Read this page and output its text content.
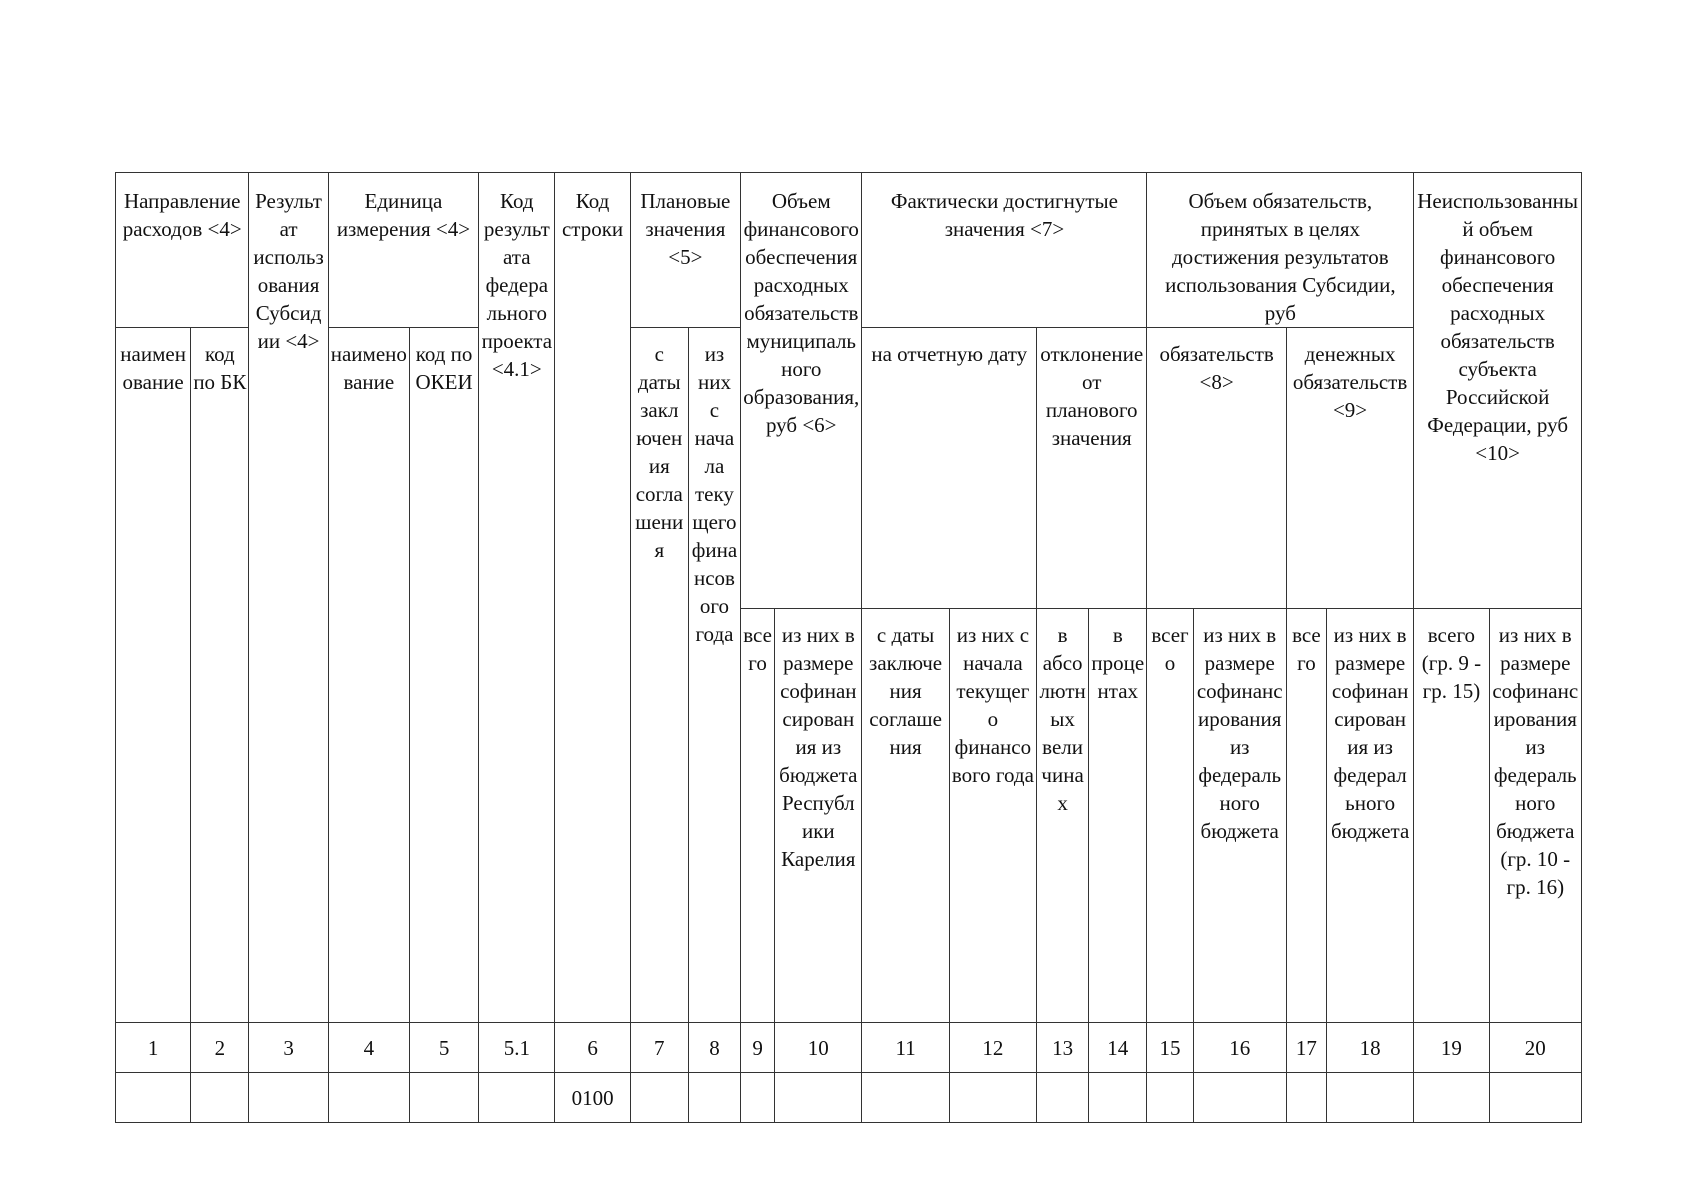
Направление расходов <4>		Результат использования Субсидии <4>	Единица измерения <4>		Код результата федерального проекта <4.1>	Код строки	Плановые значения <5>		Объем финансового обеспечения расходных обязательств муниципального образования, руб <6>		Фактически достигнутые значения <7>				Объем обязательств, принятых в целях достижения результатов использования Субсидии, руб				Неиспользованный объем финансового обеспечения расходных обязательств субъекта Российской Федерации, руб <10>	

наименование	код по БК		наименование	код по ОКЕИ			с даты заключения соглашения	из них с начала текущего финансового года			на отчетную дату		отклонение от планового значения		обязательств <8>		денежных обязательств <9>			

									всего	из них в размере софинансирования из бюджета Республики Карелия	с даты заключения соглашения	из них с начала текущего финансового года	в абсолютных величинах	в процентах	всего	из них в размере софинансирования из федерального бюджета	всего	из них в размере софинансирования из федерального бюджета	всего (гр. 9 - гр. 15)	из них в размере софинансирования из федерального бюджета (гр. 10 - гр. 16)

1	2	3	4	5	5.1	6	7	8	9	10	11	12	13	14	15	16	17	18	19	20
						0100														
